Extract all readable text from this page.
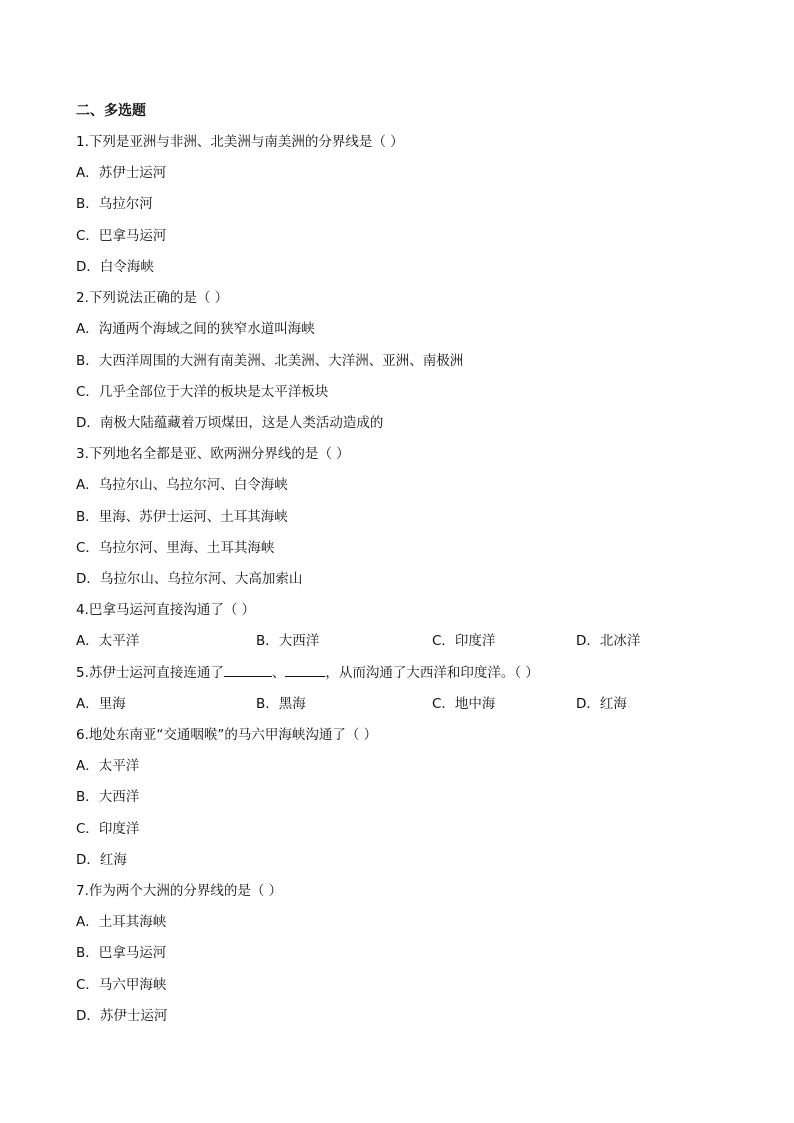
二、多选题
1.下列是亚洲与非洲、北美洲与南美洲的分界线是（ ）
A．苏伊士运河
B．乌拉尔河
C．巴拿马运河
D．白令海峡
2.下列说法正确的是（ ）
A．沟通两个海域之间的狭窄水道叫海峡
B．大西洋周围的大洲有南美洲、北美洲、大洋洲、亚洲、南极洲
C．几乎全部位于大洋的板块是太平洋板块
D．南极大陆蕴藏着万顷煤田，这是人类活动造成的
3.下列地名全都是亚、欧两洲分界线的是（ ）
A．乌拉尔山、乌拉尔河、白令海峡
B．里海、苏伊士运河、土耳其海峡
C．乌拉尔河、里海、土耳其海峡
D．乌拉尔山、乌拉尔河、大高加索山
4.巴拿马运河直接沟通了（ ）
A．太平洋	B．大西洋	C．印度洋	D．北冰洋
5.苏伊士运河直接连通了	、	，从而沟通了大西洋和印度洋。（ ）
A．里海	B．黑海	C．地中海	D．红海
6.地处东南亚“交通咽喉”的马六甲海峡沟通了（ ）
A．太平洋
B．大西洋
C．印度洋
D．红海
7.作为两个大洲的分界线的是（ ）
A．土耳其海峡
B．巴拿马运河
C．马六甲海峡
D．苏伊士运河
